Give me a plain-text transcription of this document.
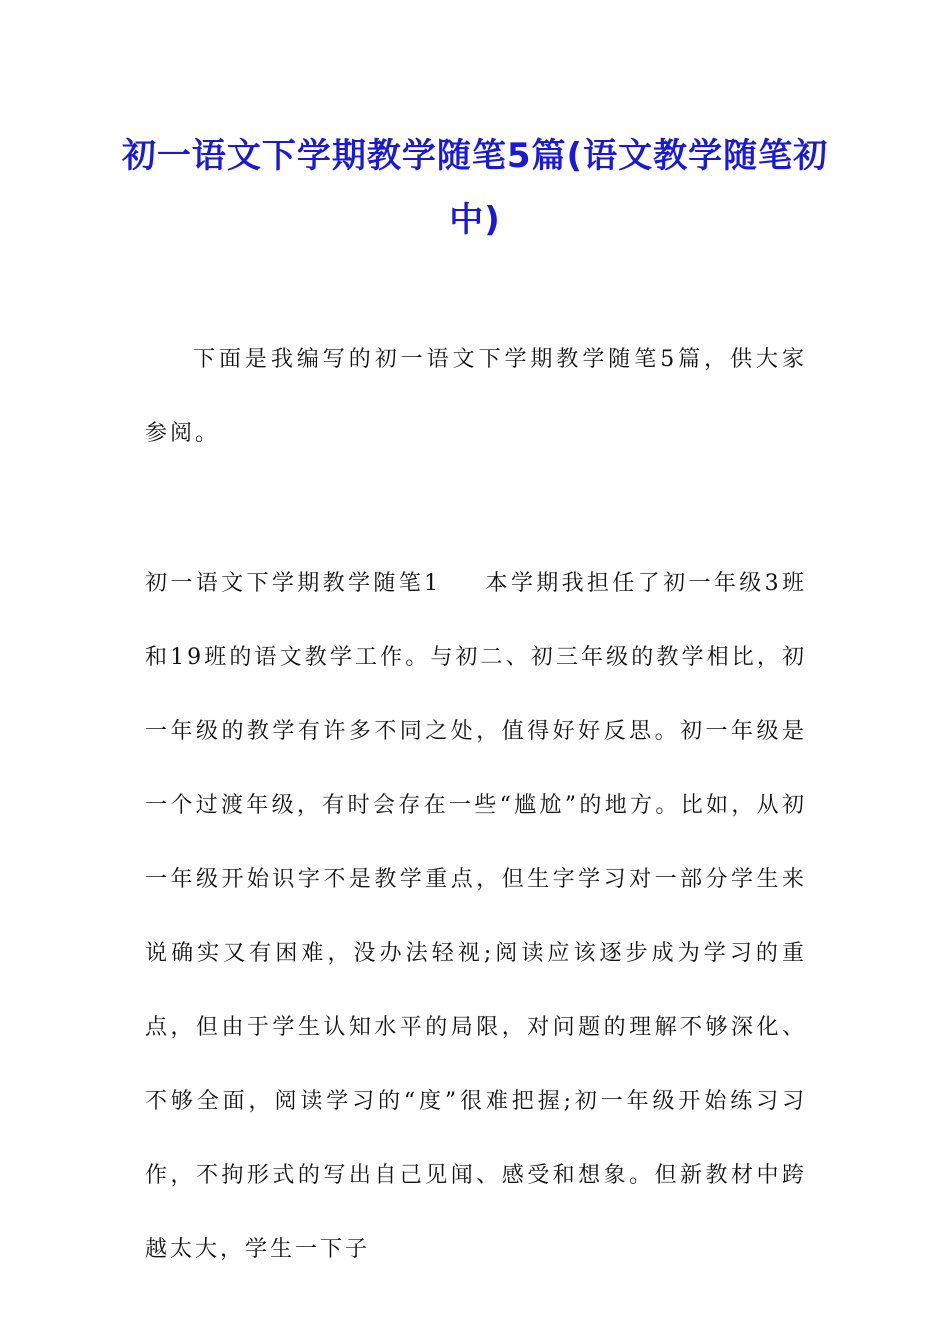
初一语文下学期教学随笔5篇(语文教学随笔初中)
下面是我编写的初一语文下学期教学随笔5篇，供大家参阅。
初一语文下学期教学随笔1 本学期我担任了初一年级3班和19班的语文教学工作。与初二、初三年级的教学相比，初一年级的教学有许多不同之处，值得好好反思。初一年级是一个过渡年级，有时会存在一些“尴尬”的地方。比如，从初一年级开始识字不是教学重点，但生字学习对一部分学生来说确实又有困难，没办法轻视;阅读应该逐步成为学习的重点，但由于学生认知水平的局限，对问题的理解不够深化、不够全面，阅读学习的“度”很难把握;初一年级开始练习习作，不拘形式的写出自己见闻、感受和想象。但新教材中跨越太大，学生一下子
